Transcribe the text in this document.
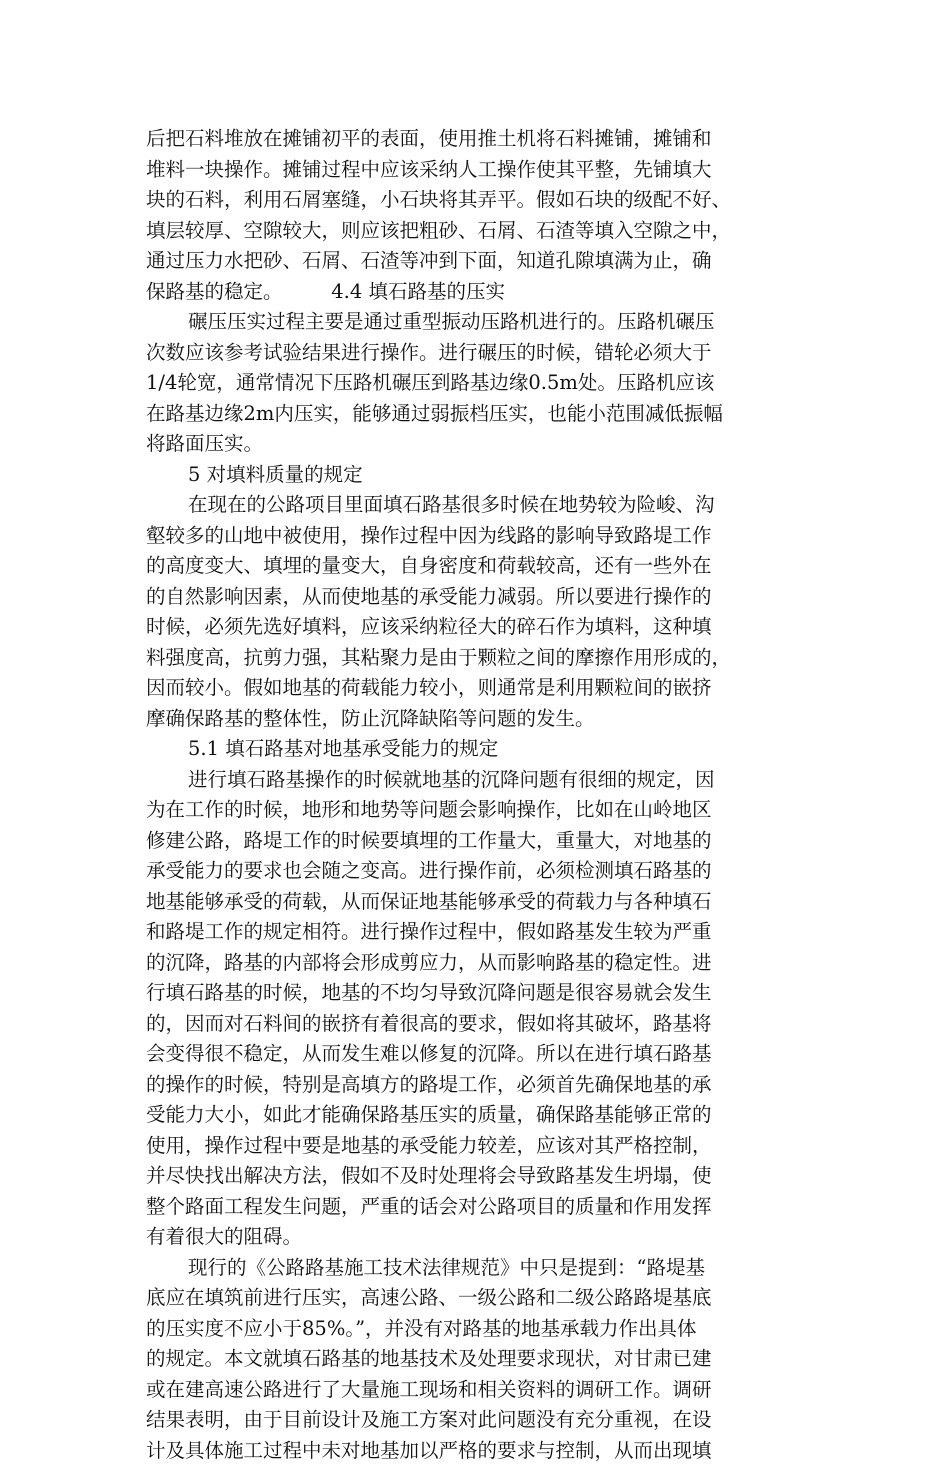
后把石料堆放在摊铺初平的表面，使用推土机将石料摊铺，摊铺和
堆料一块操作。摊铺过程中应该采纳人工操作使其平整，先铺填大
块的石料，利用石屑塞缝，小石块将其弄平。假如石块的级配不好、
填层较厚、空隙较大，则应该把粗砂、石屑、石渣等填入空隙之中，
通过压力水把砂、石屑、石渣等冲到下面，知道孔隙填满为止，确
保路基的稳定。　　　4.4 填石路基的压实
碾压压实过程主要是通过重型振动压路机进行的。压路机碾压
次数应该参考试验结果进行操作。进行碾压的时候，错轮必须大于
1/4轮宽，通常情况下压路机碾压到路基边缘0.5m处。压路机应该
在路基边缘2m内压实，能够通过弱振档压实，也能小范围减低振幅
将路面压实。
5 对填料质量的规定
在现在的公路项目里面填石路基很多时候在地势较为险峻、沟
壑较多的山地中被使用，操作过程中因为线路的影响导致路堤工作
的高度变大、填埋的量变大，自身密度和荷载较高，还有一些外在
的自然影响因素，从而使地基的承受能力减弱。所以要进行操作的
时候，必须先选好填料，应该采纳粒径大的碎石作为填料，这种填
料强度高，抗剪力强，其粘聚力是由于颗粒之间的摩擦作用形成的，
因而较小。假如地基的荷载能力较小，则通常是利用颗粒间的嵌挤
摩确保路基的整体性，防止沉降缺陷等问题的发生。
5.1 填石路基对地基承受能力的规定
进行填石路基操作的时候就地基的沉降问题有很细的规定，因
为在工作的时候，地形和地势等问题会影响操作，比如在山岭地区
修建公路，路堤工作的时候要填埋的工作量大，重量大，对地基的
承受能力的要求也会随之变高。进行操作前，必须检测填石路基的
地基能够承受的荷载，从而保证地基能够承受的荷载力与各种填石
和路堤工作的规定相符。进行操作过程中，假如路基发生较为严重
的沉降，路基的内部将会形成剪应力，从而影响路基的稳定性。进
行填石路基的时候，地基的不均匀导致沉降问题是很容易就会发生
的，因而对石料间的嵌挤有着很高的要求，假如将其破坏，路基将
会变得很不稳定，从而发生难以修复的沉降。所以在进行填石路基
的操作的时候，特别是高填方的路堤工作，必须首先确保地基的承
受能力大小，如此才能确保路基压实的质量，确保路基能够正常的
使用，操作过程中要是地基的承受能力较差，应该对其严格控制，
并尽快找出解决方法，假如不及时处理将会导致路基发生坍塌，使
整个路面工程发生问题，严重的话会对公路项目的质量和作用发挥
有着很大的阻碍。
现行的《公路路基施工技术法律规范》中只是提到：“路堤基
底应在填筑前进行压实，高速公路、一级公路和二级公路路堤基底
的压实度不应小于85%。”，并没有对路基的地基承载力作出具体
的规定。本文就填石路基的地基技术及处理要求现状，对甘肃已建
或在建高速公路进行了大量施工现场和相关资料的调研工作。调研
结果表明，由于目前设计及施工方案对此问题没有充分重视，在设
计及具体施工过程中未对地基加以严格的要求与控制，从而出现填
